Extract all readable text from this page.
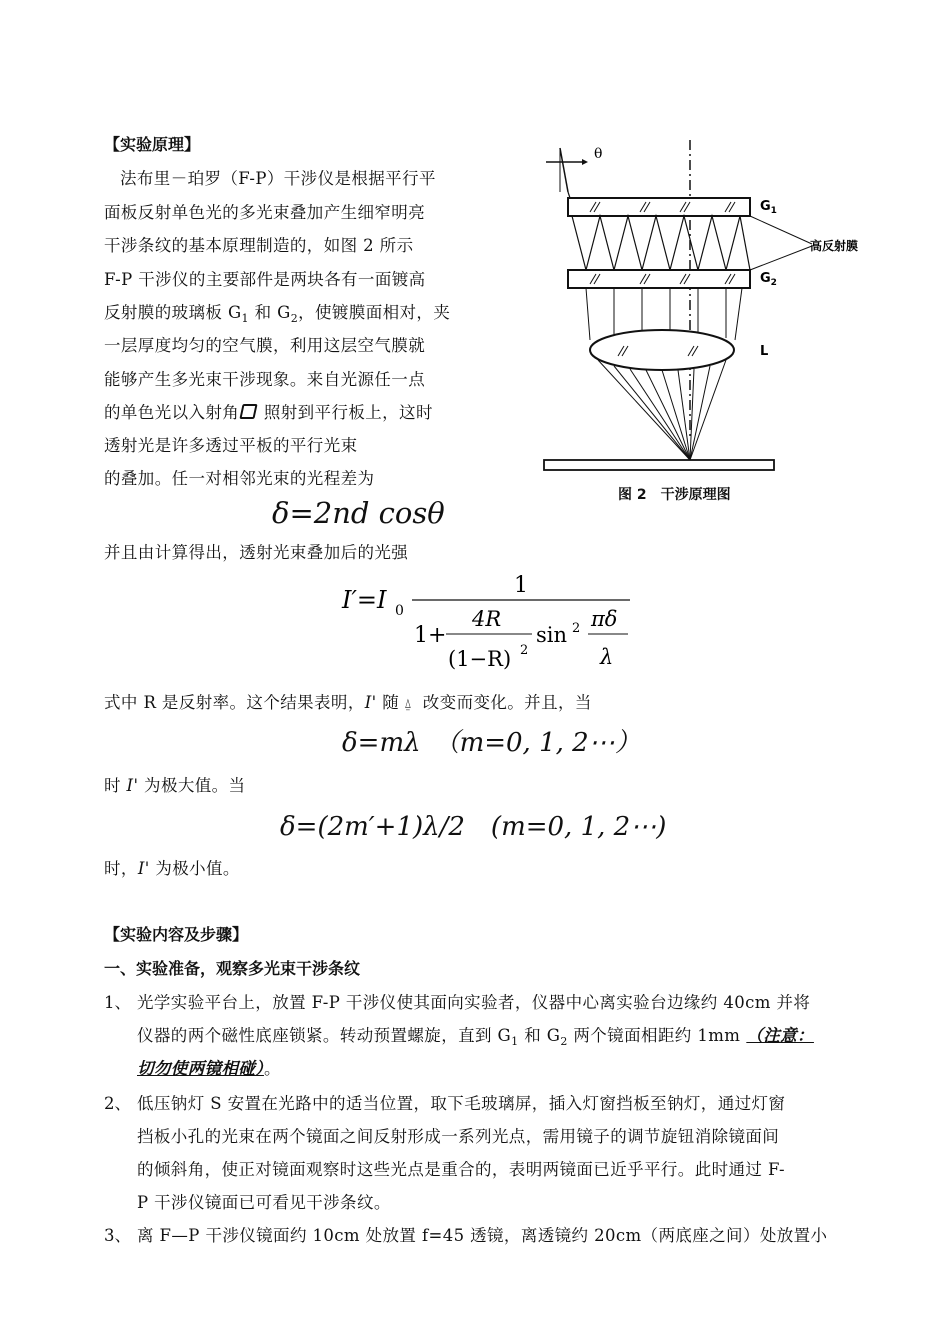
【实验原理】
法布里－珀罗（F-P）干涉仪是根据平行平
面板反射单色光的多光束叠加产生细窄明亮
干涉条纹的基本原理制造的，如图 2 所示
F-P 干涉仪的主要部件是两块各有一面镀高
反射膜的玻璃板 $G_1$ 和 $G_2$，使镀膜面相对，夹
一层厚度均匀的空气膜，利用这层空气膜就
能够产生多光束干涉现象。来自光源任一点
的单色光以入射角 照射到平行板上，这时
透射光是许多透过平板的平行光束
的叠加。任一对相邻光束的光程差为
θ
$G_1$
$G_2$
高反射膜
L
图 2　干涉原理图
δ=2nd cosθ
并且由计算得出，透射光束叠加后的光强
I′=I 0
1
1+
4R
(1−R) 2
sin 2 πδ
λ
式中 R 是反射率。这个结果表明，I' 随 ⍙ 改变而变化。并且，当
δ=mλ　（m=0, 1, 2⋯）
时 I' 为极大值。当
δ=(2m′+1)λ/2　(m=0, 1, 2⋯)
时，I' 为极小值。
【实验内容及步骤】
一、实验准备，观察多光束干涉条纹
1、 光学实验平台上，放置 F-P 干涉仪使其面向实验者，仪器中心离实验台边缘约 40cm 并将
仪器的两个磁性底座锁紧。转动预置螺旋，直到 $G_1$ 和 $G_2$ 两个镜面相距约 1mm （注意：
切勿使两镜相碰）。
2、 低压钠灯 S 安置在光路中的适当位置，取下毛玻璃屏，插入灯窗挡板至钠灯，通过灯窗
挡板小孔的光束在两个镜面之间反射形成一系列光点，需用镜子的调节旋钮消除镜面间
的倾斜角，使正对镜面观察时这些光点是重合的，表明两镜面已近乎平行。此时通过 F-
P 干涉仪镜面已可看见干涉条纹。
3、 离 F—P 干涉仪镜面约 10cm 处放置 f=45 透镜，离透镜约 20cm（两底座之间）处放置小
